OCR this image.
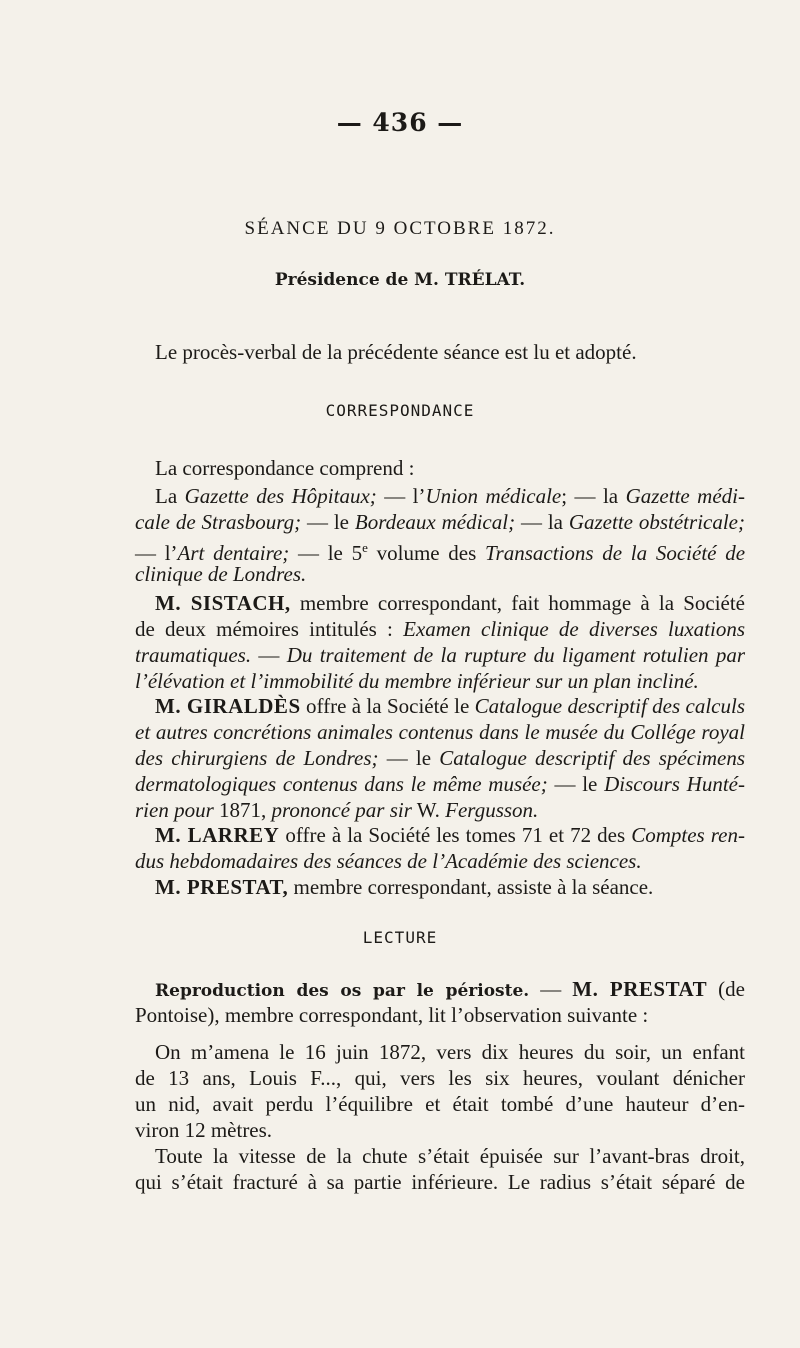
— 436 —
SÉANCE DU 9 OCTOBRE 1872.
Présidence de M. TRÉLAT.
Le procès-verbal de la précédente séance est lu et adopté.
CORRESPONDANCE
La correspondance comprend :
La Gazette des Hôpitaux; — l’Union médicale; — la Gazette médi-
cale de Strasbourg; — le Bordeaux médical; — la Gazette obstétricale;
— l’Art dentaire; — le 5e volume des Transactions de la Société de
clinique de Londres.
M. SISTACH, membre correspondant, fait hommage à la Société
de deux mémoires intitulés : Examen clinique de diverses luxations
traumatiques. — Du traitement de la rupture du ligament rotulien par
l’élévation et l’immobilité du membre inférieur sur un plan incliné.
M. GIRALDÈS offre à la Société le Catalogue descriptif des calculs
et autres concrétions animales contenus dans le musée du Collége royal
des chirurgiens de Londres; — le Catalogue descriptif des spécimens
dermatologiques contenus dans le même musée; — le Discours Hunté-
rien pour 1871, prononcé par sir W. Fergusson.
M. LARREY offre à la Société les tomes 71 et 72 des Comptes ren-
dus hebdomadaires des séances de l’Académie des sciences.
M. PRESTAT, membre correspondant, assiste à la séance.
LECTURE
Reproduction des os par le périoste. — M. PRESTAT (de
Pontoise), membre correspondant, lit l’observation suivante :
On m’amena le 16 juin 1872, vers dix heures du soir, un enfant
de 13 ans, Louis F..., qui, vers les six heures, voulant dénicher
un nid, avait perdu l’équilibre et était tombé d’une hauteur d’en-
viron 12 mètres.
Toute la vitesse de la chute s’était épuisée sur l’avant-bras droit,
qui s’était fracturé à sa partie inférieure. Le radius s’était séparé de
